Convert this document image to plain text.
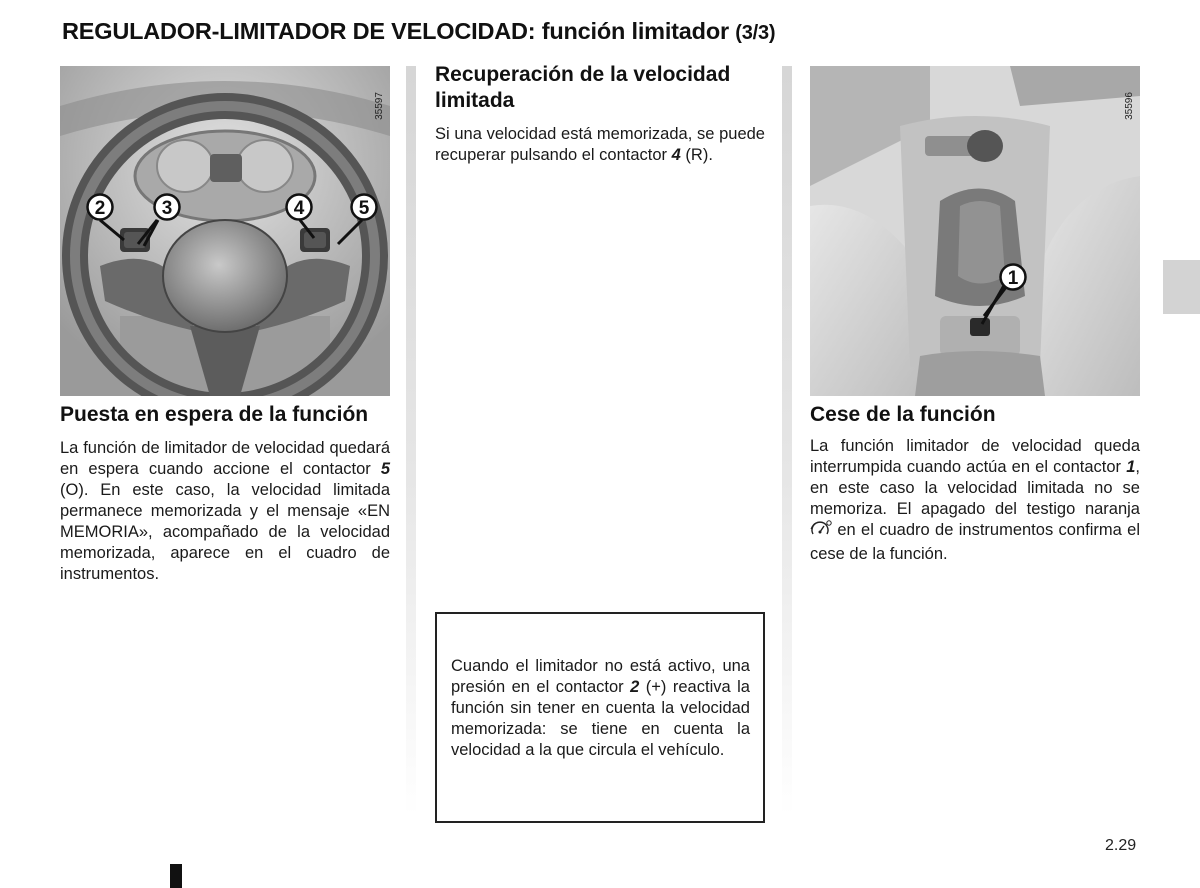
REGULADOR-LIMITADOR DE VELOCIDAD: función limitador (3/3)
2	3	4	5
35597
1
35596
Puesta en espera de la función
La función de limitador de velocidad quedará en espera cuando accione el contactor 5 (O). En este caso, la velocidad limitada permanece memorizada y el mensaje «EN MEMORIA», acompañado de la velocidad memorizada, aparece en el cuadro de instrumentos.
Recuperación de la velocidad limitada
Si una velocidad está memorizada, se puede recuperar pulsando el contactor 4 (R).
Cuando el limitador no está activo, una presión en el contactor 2 (+) reactiva la función sin tener en cuenta la velocidad memorizada: se tiene en cuenta la velocidad a la que circula el vehículo.
Cese de la función
La función limitador de velocidad queda interrumpida cuando actúa en el contactor 1, en este caso la velocidad limitada no se memoriza. El apagado del testigo naranja  en el cuadro de instrumentos confirma el cese de la función.
2.29
